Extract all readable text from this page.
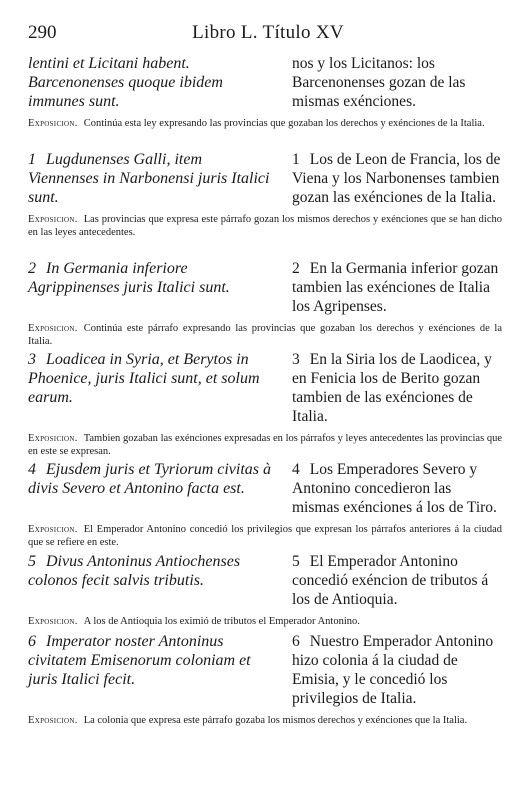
290	Libro L. Título XV
lentini et Licitani habent. Barcenonenses quoque ibidem immunes sunt.
nos y los Licitanos: los Barcenonenses gozan de las mismas exénciones.
Exposicion. Continúa esta ley expresando las provincias que gozaban los derechos y exénciones de la Italia.
1 Lugdunenses Galli, item Viennenses in Narbonensi juris Italici sunt.
1 Los de Leon de Francia, los de Viena y los Narbonenses tambien gozan las exénciones de la Italia.
Exposicion. Las provincias que expresa este párrafo gozan los mismos derechos y exénciones que se han dicho en las leyes antecedentes.
2 In Germania inferiore Agrippinenses juris Italici sunt.
2 En la Germania inferior gozan tambien las exénciones de Italia los Agripenses.
Exposicion. Continúa este párrafo expresando las provincias que gozaban los derechos y exénciones de la Italia.
3 Loadicea in Syria, et Berytos in Phoenice, juris Italici sunt, et solum earum.
3 En la Siria los de Laodicea, y en Fenicia los de Berito gozan tambien de las exénciones de Italia.
Exposicion. Tambien gozaban las exénciones expresadas en los párrafos y leyes antecedentes las provincias que en este se expresan.
4 Ejusdem juris et Tyriorum civitas à divis Severo et Antonino facta est.
4 Los Emperadores Severo y Antonino concedieron las mismas exénciones á los de Tiro.
Exposicion. El Emperador Antonino concedió los privilegios que expresan los párrafos anteriores á la ciudad que se refiere en este.
5 Divus Antoninus Antiochenses colonos fecit salvis tributis.
5 El Emperador Antonino concedió exéncion de tributos á los de Antioquia.
Exposicion. A los de Antioquia los eximió de tributos el Emperador Antonino.
6 Imperator noster Antoninus civitatem Emisenorum coloniam et juris Italici fecit.
6 Nuestro Emperador Antonino hizo colonia á la ciudad de Emisia, y le concedió los privilegios de Italia.
Exposicion. La colonia que expresa este párrafo gozaba los mismos derechos y exénciones que la Italia.
